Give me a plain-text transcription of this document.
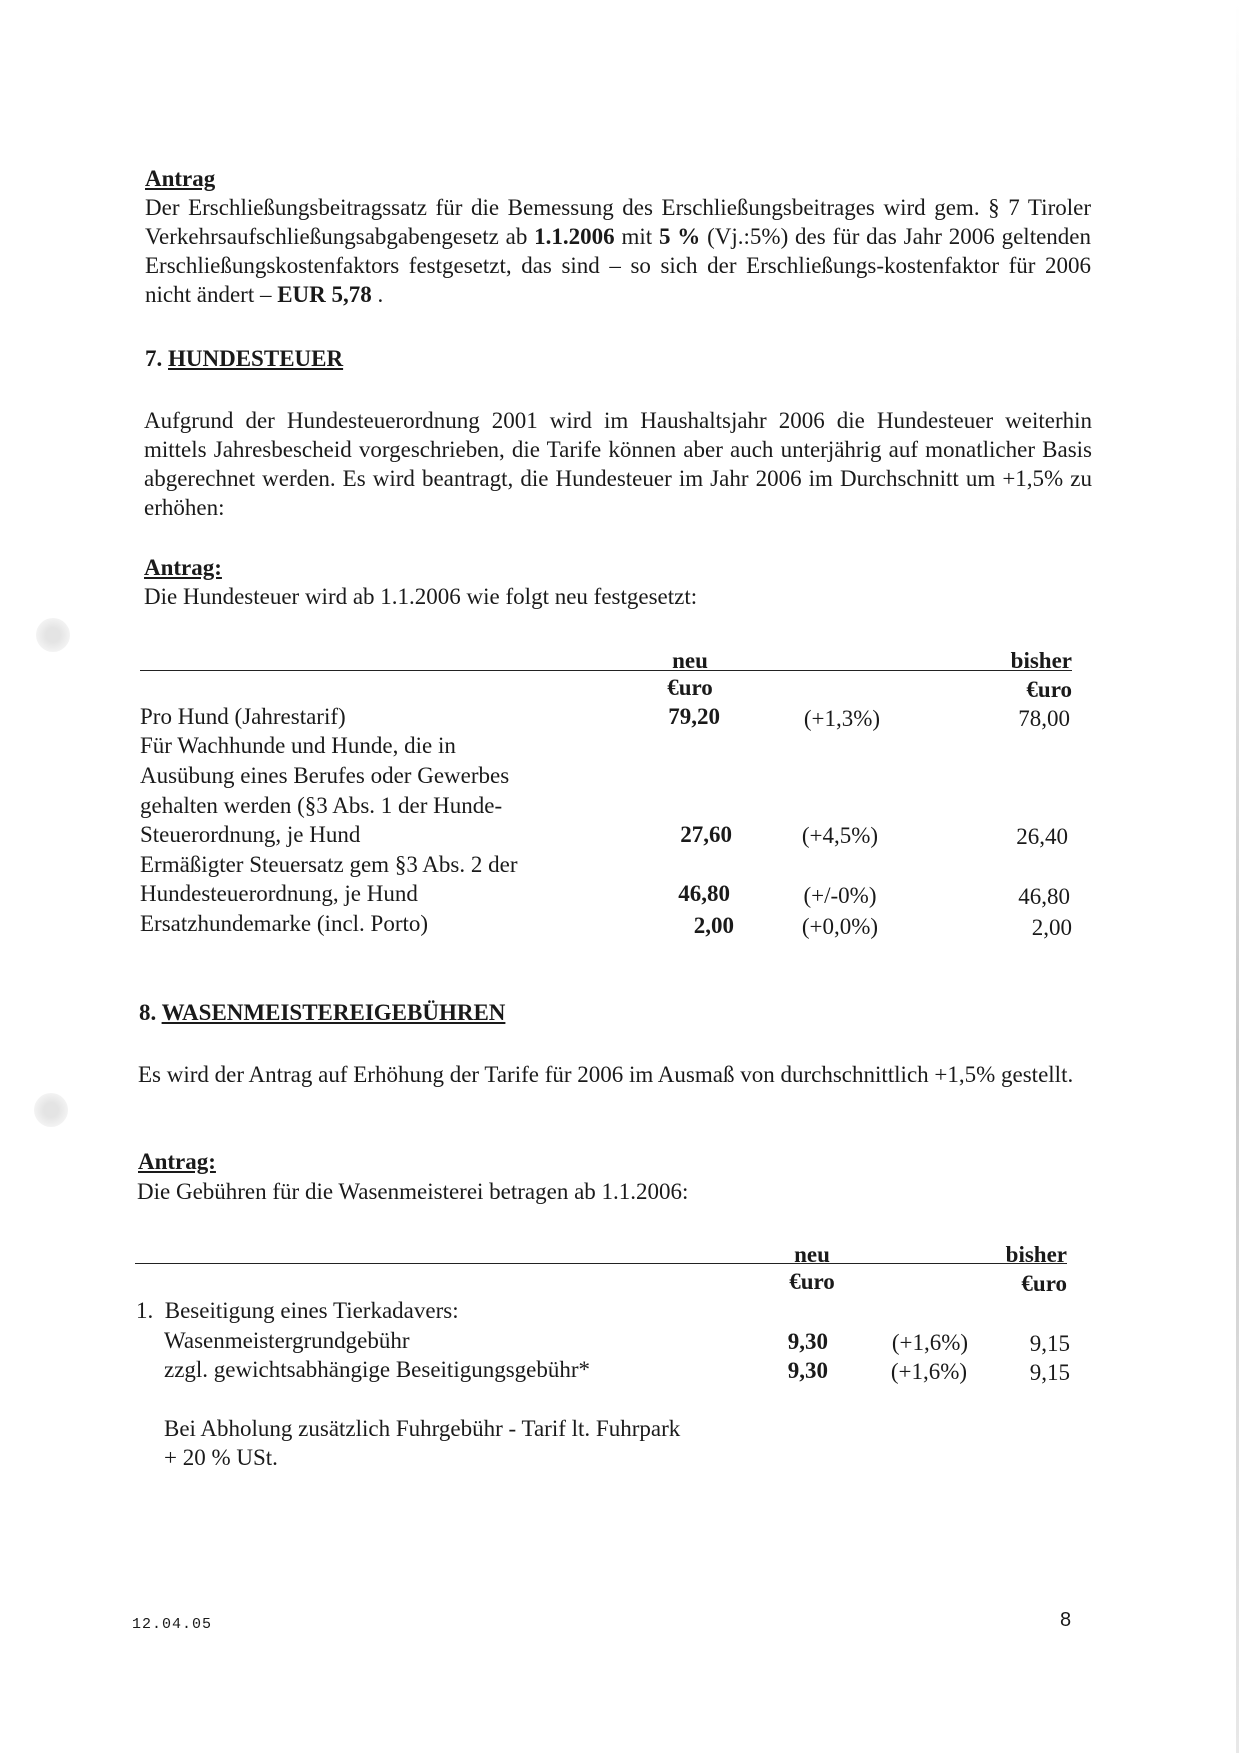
Antrag
Der Erschließungsbeitragssatz für die Bemessung des Erschließungsbeitrages wird gem. § 7 Tiroler Verkehrsaufschließungsabgabengesetz ab 1.1.2006 mit 5 % (Vj.:5%) des für das Jahr 2006 geltenden Erschließungskostenfaktors festgesetzt, das sind – so sich der Erschließungs-kostenfaktor für 2006 nicht ändert – EUR 5,78 .
7. HUNDESTEUER
Aufgrund der Hundesteuerordnung 2001 wird im Haushaltsjahr 2006 die Hundesteuer weiterhin mittels Jahresbescheid vorgeschrieben, die Tarife können aber auch unterjährig auf monatlicher Basis abgerechnet werden. Es wird beantragt, die Hundesteuer im Jahr 2006 im Durchschnitt um +1,5% zu erhöhen:
Antrag:
Die Hundesteuer wird ab 1.1.2006 wie folgt neu festgesetzt:
neu	bisher
€uro	€uro
Pro Hund (Jahrestarif)	79,20	(+1,3%)	78,00
Für Wachhunde und Hunde, die in
Ausübung eines Berufes oder Gewerbes
gehalten werden (§3 Abs. 1 der Hunde-
Steuerordnung, je Hund	27,60	(+4,5%)	26,40
Ermäßigter Steuersatz gem §3 Abs. 2 der
Hundesteuerordnung, je Hund	46,80	(+/-0%)	46,80
Ersatzhundemarke (incl. Porto)	2,00	(+0,0%)	2,00
8. WASENMEISTEREIGEBÜHREN
Es wird der Antrag auf Erhöhung der Tarife für 2006 im Ausmaß von durchschnittlich +1,5% gestellt.
Antrag:
Die Gebühren für die Wasenmeisterei betragen ab 1.1.2006:
neu	bisher
€uro	€uro
1.  Beseitigung eines Tierkadavers:
Wasenmeistergrundgebühr	9,30	(+1,6%)	9,15
zzgl. gewichtsabhängige Beseitigungsgebühr*	9,30	(+1,6%)	9,15
Bei Abholung zusätzlich Fuhrgebühr - Tarif lt. Fuhrpark
+ 20 % USt.
12.04.05	8
